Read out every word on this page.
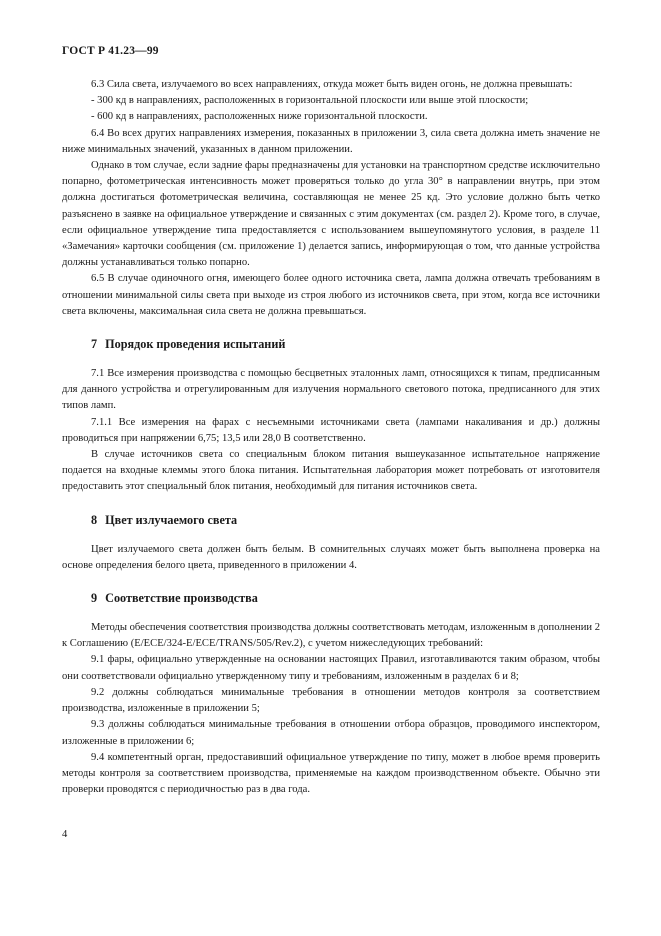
ГОСТ Р 41.23—99

6.3 Сила света, излучаемого во всех направлениях, откуда может быть виден огонь, не должна превышать:

- 300 кд в направлениях, расположенных в горизонтальной плоскости или выше этой плоскости;

- 600 кд в направлениях, расположенных ниже горизонтальной плоскости.

6.4 Во всех других направлениях измерения, показанных в приложении 3, сила света должна иметь значение не ниже минимальных значений, указанных в данном приложении.

Однако в том случае, если задние фары предназначены для установки на транспортном средстве исключительно попарно, фотометрическая интенсивность может проверяться только до угла 30° в направлении внутрь, при этом должна достигаться фотометрическая величина, составляющая не менее 25 кд. Это условие должно быть четко разъяснено в заявке на официальное утверждение и связанных с этим документах (см. раздел 2). Кроме того, в случае, если официальное утверждение типа предоставляется с использованием вышеупомянутого условия, в разделе 11 «Замечания» карточки сообщения (см. приложение 1) делается запись, информирующая о том, что данные устройства должны устанавливаться только попарно.

6.5 В случае одиночного огня, имеющего более одного источника света, лампа должна отвечать требованиям в отношении минимальной силы света при выходе из строя любого из источников света, при этом, когда все источники света включены, максимальная сила света не должна превышаться.

7 Порядок проведения испытаний

7.1 Все измерения производства с помощью бесцветных эталонных ламп, относящихся к типам, предписанным для данного устройства и отрегулированным для излучения нормального светового потока, предписанного для этих типов ламп.

7.1.1 Все измерения на фарах с несъемными источниками света (лампами накаливания и др.) должны проводиться при напряжении 6,75; 13,5 или 28,0 В соответственно.

В случае источников света со специальным блоком питания вышеуказанное испытательное напряжение подается на входные клеммы этого блока питания. Испытательная лаборатория может потребовать от изготовителя предоставить этот специальный блок питания, необходимый для питания источников света.

8 Цвет излучаемого света

Цвет излучаемого света должен быть белым. В сомнительных случаях может быть выполнена проверка на основе определения белого цвета, приведенного в приложении 4.

9 Соответствие производства

Методы обеспечения соответствия производства должны соответствовать методам, изложенным в дополнении 2 к Соглашению (E/ECE/324-E/ECE/TRANS/505/Rev.2), с учетом нижеследующих требований:

9.1 фары, официально утвержденные на основании настоящих Правил, изготавливаются таким образом, чтобы они соответствовали официально утвержденному типу и требованиям, изложенным в разделах 6 и 8;

9.2 должны соблюдаться минимальные требования в отношении методов контроля за соответствием производства, изложенные в приложении 5;

9.3 должны соблюдаться минимальные требования в отношении отбора образцов, проводимого инспектором, изложенные в приложении 6;

9.4 компетентный орган, предоставивший официальное утверждение по типу, может в любое время проверить методы контроля за соответствием производства, применяемые на каждом производственном объекте. Обычно эти проверки проводятся с периодичностью раз в два года.

4
